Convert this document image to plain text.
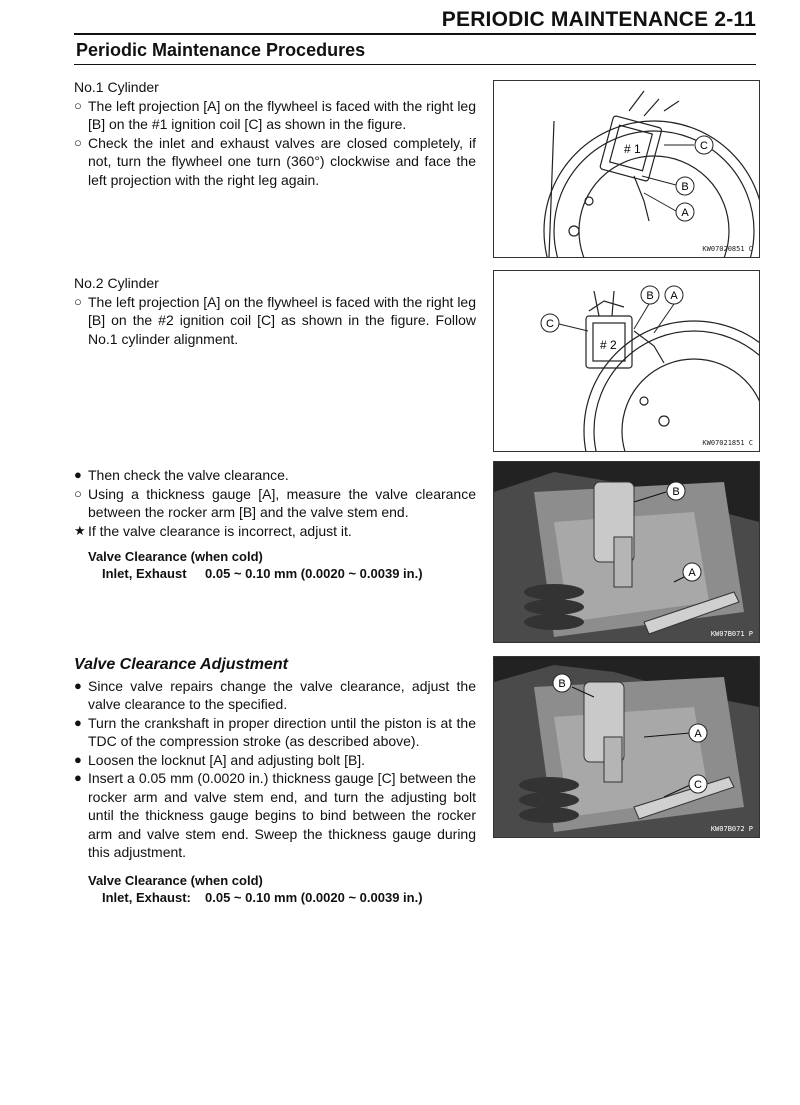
PERIODIC MAINTENANCE 2-11
Periodic Maintenance Procedures

No.1 Cylinder

○ The left projection [A] on the flywheel is faced with the right leg [B] on the #1 ignition coil [C] as shown in the figure.
○ Check the inlet and exhaust valves are closed completely, if not, turn the flywheel one turn (360°) clockwise and face the left projection with the right leg again.

No.2 Cylinder

○ The left projection [A] on the flywheel is faced with the right leg [B] on the #2 ignition coil [C] as shown in the figure. Follow No.1 cylinder alignment.
● Then check the valve clearance.
○ Using a thickness gauge [A], measure the valve clearance between the rocker arm [B] and the valve stem end.
★ If the valve clearance is incorrect, adjust it.
Valve Clearance (when cold)
Inlet, Exhaust	0.05 ~ 0.10 mm (0.0020 ~ 0.0039 in.)
Valve Clearance Adjustment
● Since valve repairs change the valve clearance, adjust the valve clearance to the specified.
● Turn the crankshaft in proper direction until the piston is at the TDC of the compression stroke (as described above).
● Loosen the locknut [A] and adjusting bolt [B].
● Insert a 0.05 mm (0.0020 in.) thickness gauge [C] between the rocker arm and valve stem end, and turn the adjusting bolt until the thickness gauge begins to bind between the rocker arm and valve stem end. Sweep the thickness gauge during this adjustment.
Valve Clearance (when cold)
Inlet, Exhaust:	0.05 ~ 0.10 mm (0.0020 ~ 0.0039 in.)
# 1	C
B
A
KW07020851 C
# 2
B A
C
KW07021851 C
B
A
KW07B071 P
B
A
C
KW07B072 P
